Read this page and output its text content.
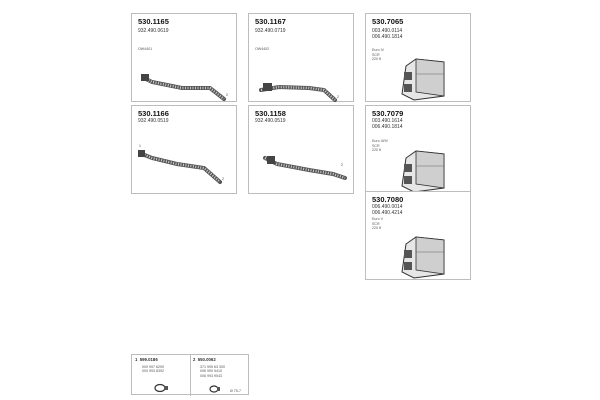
530.1165
932.490.0619
OW4401
2
530.1167
932.490.0719
OW4402
2
530.7065
003.490.0114
006.490.1814
Euro IV
SCR
220 ft
530.1166
932.490.0519
1
2
530.1158
932.490.0519
2
530.7079
003.490.1614
006.490.1814
Euro III/IV
SCR
220 ft
530.7080
006.490.0014
006.490.4214
Euro V
SCR
220 ft
1 599.0186
000 997 6290
000 993 8392
2 550.0062
371 995 63 300
006 990 5410
006 993 9043
Ø 75-7
